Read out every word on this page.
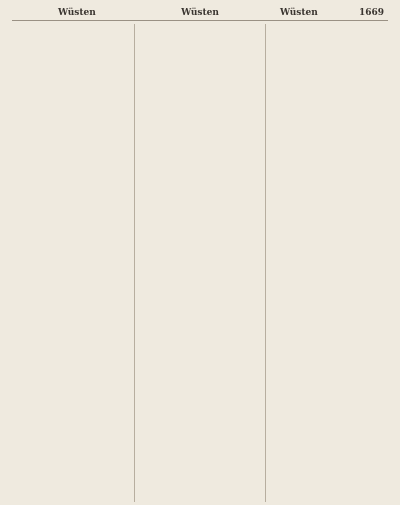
Wüsten	Wüsten	Wüsten	1669
